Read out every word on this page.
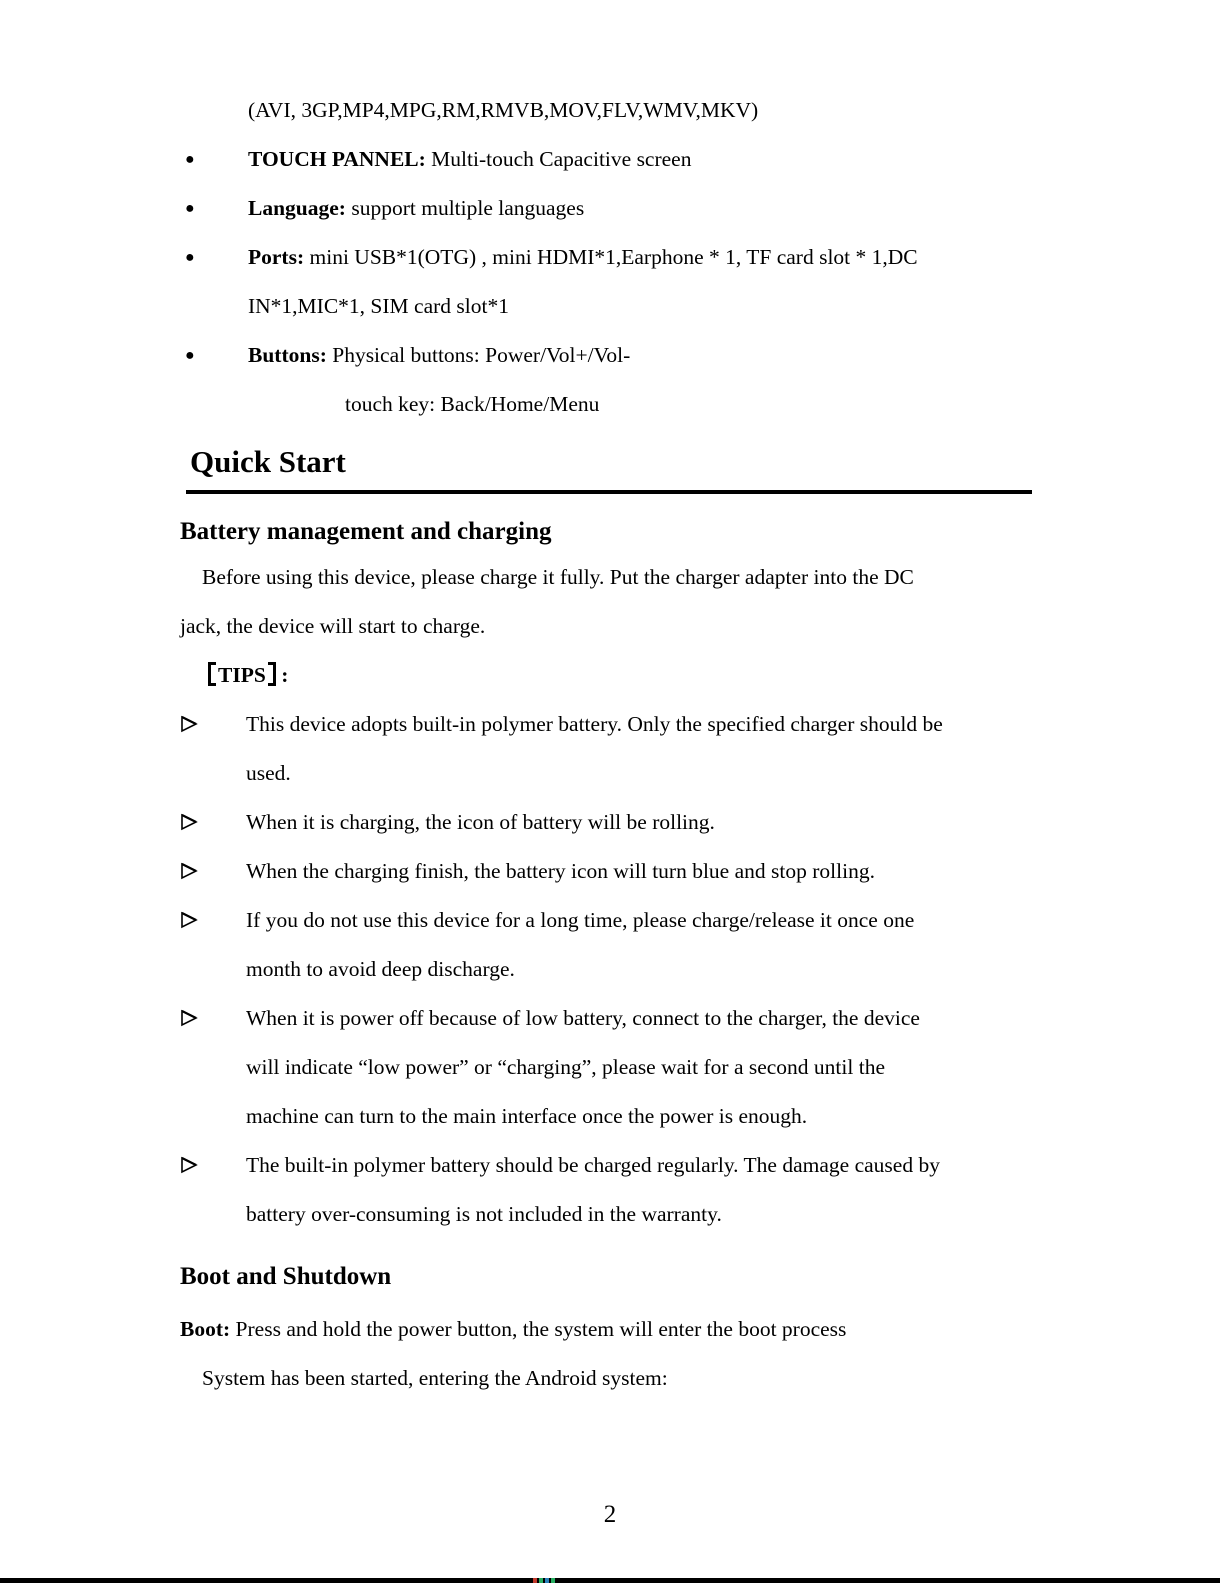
(AVI, 3GP,MP4,MPG,RM,RMVB,MOV,FLV,WMV,MKV)
● TOUCH PANNEL: Multi-touch Capacitive screen
● Language: support multiple languages
● Ports: mini USB*1(OTG) , mini HDMI*1,Earphone * 1, TF card slot * 1,DC
IN*1,MIC*1, SIM card slot*1
● Buttons: Physical buttons: Power/Vol+/Vol-
touch key: Back/Home/Menu
Quick Start
Battery management and charging
Before using this device, please charge it fully. Put the charger adapter into the DC
jack, the device will start to charge.
TIPS :
This device adopts built-in polymer battery. Only the specified charger should be
used.
When it is charging, the icon of battery will be rolling.
When the charging finish, the battery icon will turn blue and stop rolling.
If you do not use this device for a long time, please charge/release it once one
month to avoid deep discharge.
When it is power off because of low battery, connect to the charger, the device
will indicate “low power” or “charging”, please wait for a second until the
machine can turn to the main interface once the power is enough.
The built-in polymer battery should be charged regularly. The damage caused by
battery over-consuming is not included in the warranty.
Boot and Shutdown
Boot: Press and hold the power button, the system will enter the boot process
System has been started, entering the Android system:
2
